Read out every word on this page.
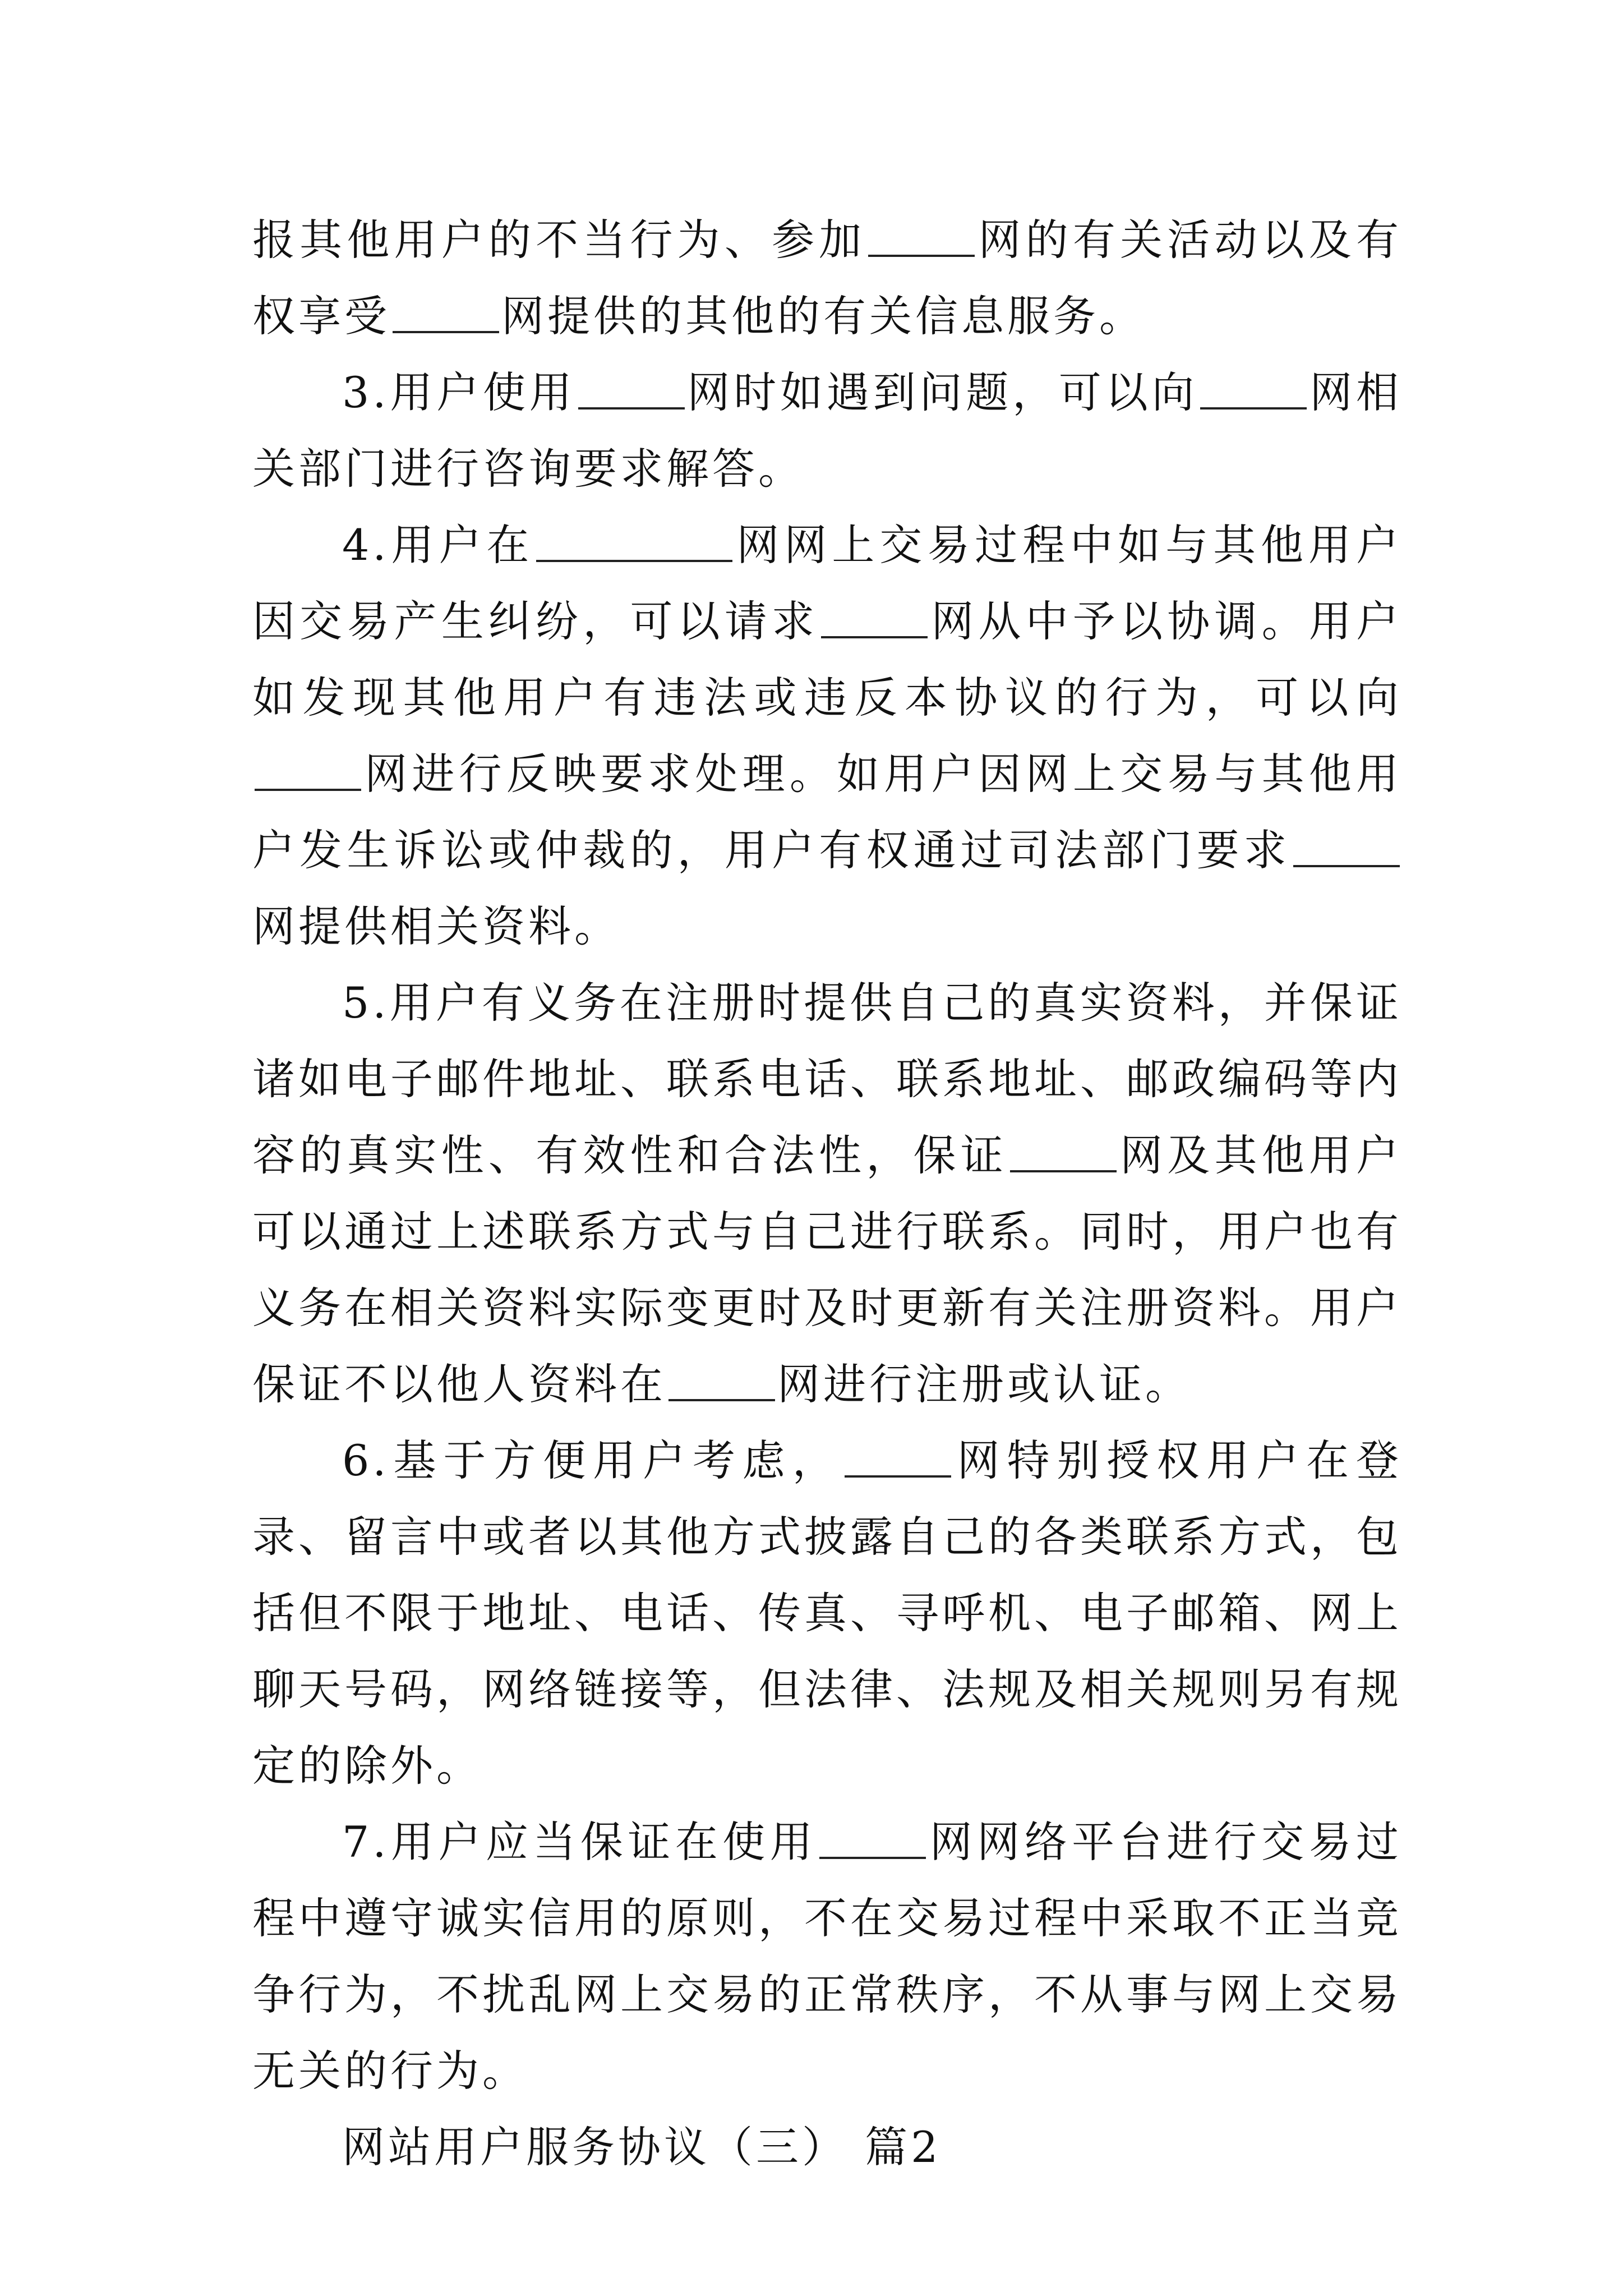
报其他用户的不当行为、参加	网的有关活动以及有权享受	网提供的其他的有关信息服务。

3.用户使用	网时如遇到问题，可以向	网相关部门进行咨询要求解答。

4.用户在	网网上交易过程中如与其他用户因交易产生纠纷，可以请求	网从中予以协调。用户如发现其他用户有违法或违反本协议的行为，可以向网进行反映要求处理。如用户因网上交易与其他用户发生诉讼或仲裁的，用户有权通过司法部门要求网提供相关资料。

5.用户有义务在注册时提供自己的真实资料，并保证诸如电子邮件地址、联系电话、联系地址、邮政编码等内容的真实性、有效性和合法性，保证	网及其他用户可以通过上述联系方式与自己进行联系。同时，用户也有义务在相关资料实际变更时及时更新有关注册资料。用户保证不以他人资料在	网进行注册或认证。

6.基于方便用户考虑，	网特别授权用户在登录、留言中或者以其他方式披露自己的各类联系方式，包括但不限于地址、电话、传真、寻呼机、电子邮箱、网上聊天号码，网络链接等，但法律、法规及相关规则另有规定的除外。

7.用户应当保证在使用	网网络平台进行交易过程中遵守诚实信用的原则，不在交易过程中采取不正当竞争行为，不扰乱网上交易的正常秩序，不从事与网上交易无关的行为。

网站用户服务协议（三） 篇2
